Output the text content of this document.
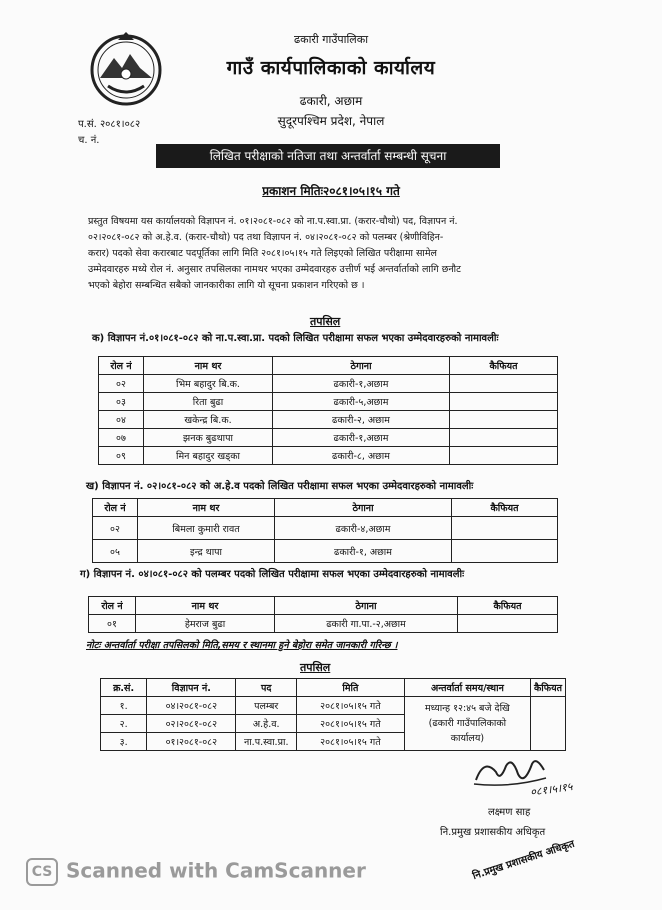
ढकारी गाउँपालिका
गाउँ कार्यपालिकाको कार्यालय
ढकारी, अछाम
सुदूरपश्चिम प्रदेश, नेपाल
प.सं. २०८१।०८२
च. नं.
लिखित परीक्षाको नतिजा तथा अन्तर्वार्ता सम्बन्धी सूचना
प्रकाशन मितिः२०८१।०५।१५ गते
प्रस्तुत विषयमा यस कार्यालयको विज्ञापन नं. ०१।२०८१-०८२ को ना.प.स्वा.प्रा. (करार-चौथो) पद, विज्ञापन नं.
०२।२०८१-०८२ को अ.हे.व. (करार-चौथो) पद तथा विज्ञापन नं. ०४।२०८१-०८२ को पलम्बर (श्रेणीविहिन-
करार) पदको सेवा करारबाट पदपूर्तिका लागि मिति २०८१।०५।१५ गते लिइएको लिखित परीक्षामा सामेल
उम्मेदवारहरु मध्ये रोल नं. अनुसार तपसिलका नामथर भएका उम्मेदवारहरु उत्तीर्ण भई अन्तर्वार्ताको लागि छनौट
भएको बेहोरा सम्बन्धित सबैको जानकारीका लागि यो सूचना प्रकाशन गरिएको छ ।
तपसिल
क) विज्ञापन नं.०१।०८१-०८२ को ना.प.स्वा.प्रा. पदको लिखित परीक्षामा सफल भएका उम्मेदवारहरुको नामावलीः
रोल नं	नाम थर	ठेगाना	कैफियत
०२	भिम बहादुर बि.क.	ढकारी-१,अछाम	
०३	रिता बुढा	ढकारी-५,अछाम	
०४	खकेन्द्र बि.क.	ढकारी-२, अछाम	
०७	झनक बुढथापा	ढकारी-१,अछाम	
०९	मिन बहादुर खड्का	ढकारी-८, अछाम	
ख) विज्ञापन नं. ०२।०८१-०८२ को अ.हे.व पदको लिखित परीक्षामा सफल भएका उम्मेदवारहरुको नामावलीः
रोल नं	नाम थर	ठेगाना	कैफियत
०२	बिमला कुमारी रावत	ढकारी-४,अछाम	
०५	इन्द्र थापा	ढकारी-१, अछाम	
ग) विज्ञापन नं. ०४।०८१-०८२ को पलम्बर पदको लिखित परीक्षामा सफल भएका उम्मेदवारहरुको नामावलीः
रोल नं	नाम थर	ठेगाना	कैफियत
०१	हेमराज बुढा	ढकारी गा.पा.-२,अछाम	
नोटः अन्तर्वार्ता परीक्षा तपसिलको मिति,समय र स्थानमा हुने बेहोरा समेत जानकारी गरिन्छ ।
तपसिल
क्र.सं.	विज्ञापन नं.	पद	मिति	अन्तर्वार्ता समय/स्थान	कैफियत
१.	०४।२०८१-०८२	पलम्बर	२०८१।०५।१५ गते	मध्यान्ह १२:४५ बजे देखि
(ढकारी गाउँपालिकाको
कार्यालय)	

२.	०२।२०८१-०८२	अ.हे.व.	२०८१।०५।१५ गते		
३.	०१।२०८१-०८२	ना.प.स्वा.प्रा.	२०८१।०५।१५ गते		
०८१।५।१५
लक्ष्मण साह
नि.प्रमुख प्रशासकीय अधिकृत
नि.प्रमुख प्रशासकीय अधिकृत
CS Scanned with CamScanner
